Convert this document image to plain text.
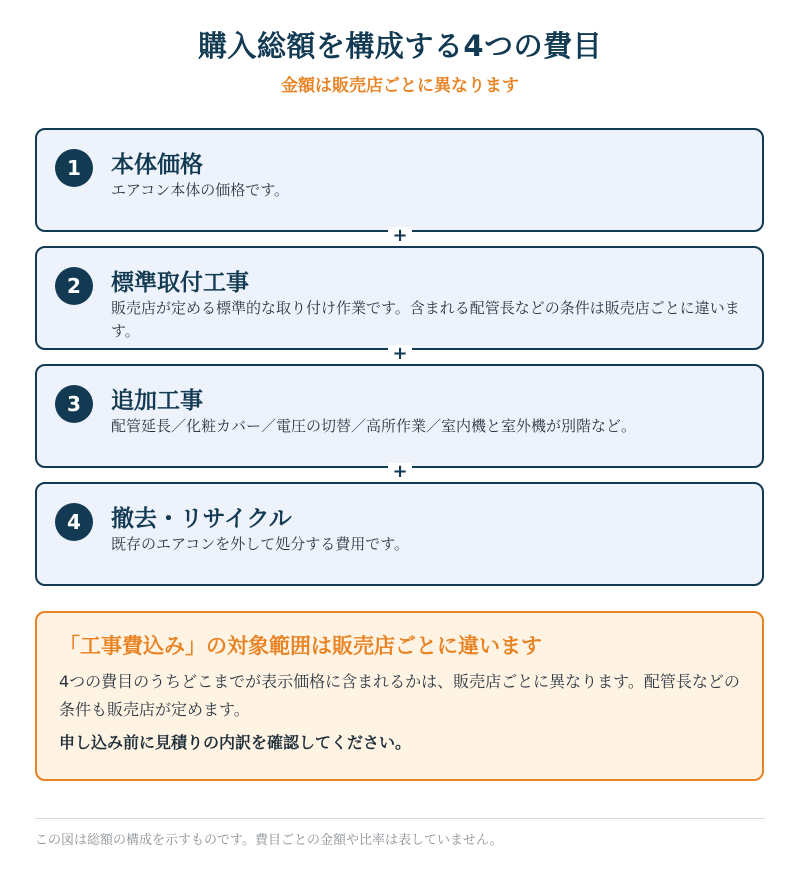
購入総額を構成する4つの費目
金額は販売店ごとに異なります
1	本体価格
エアコン本体の価格です。
+
2	標準取付工事
販売店が定める標準的な取り付け作業です。含まれる配管長などの条件は販売店ごとに違います。
+
3	追加工事
配管延長／化粧カバー／電圧の切替／高所作業／室内機と室外機が別階など。
+
4	撤去・リサイクル
既存のエアコンを外して処分する費用です。
「工事費込み」の対象範囲は販売店ごとに違います
4つの費目のうちどこまでが表示価格に含まれるかは、販売店ごとに異なります。配管長などの条件も販売店が定めます。
申し込み前に見積りの内訳を確認してください。
この図は総額の構成を示すものです。費目ごとの金額や比率は表していません。
